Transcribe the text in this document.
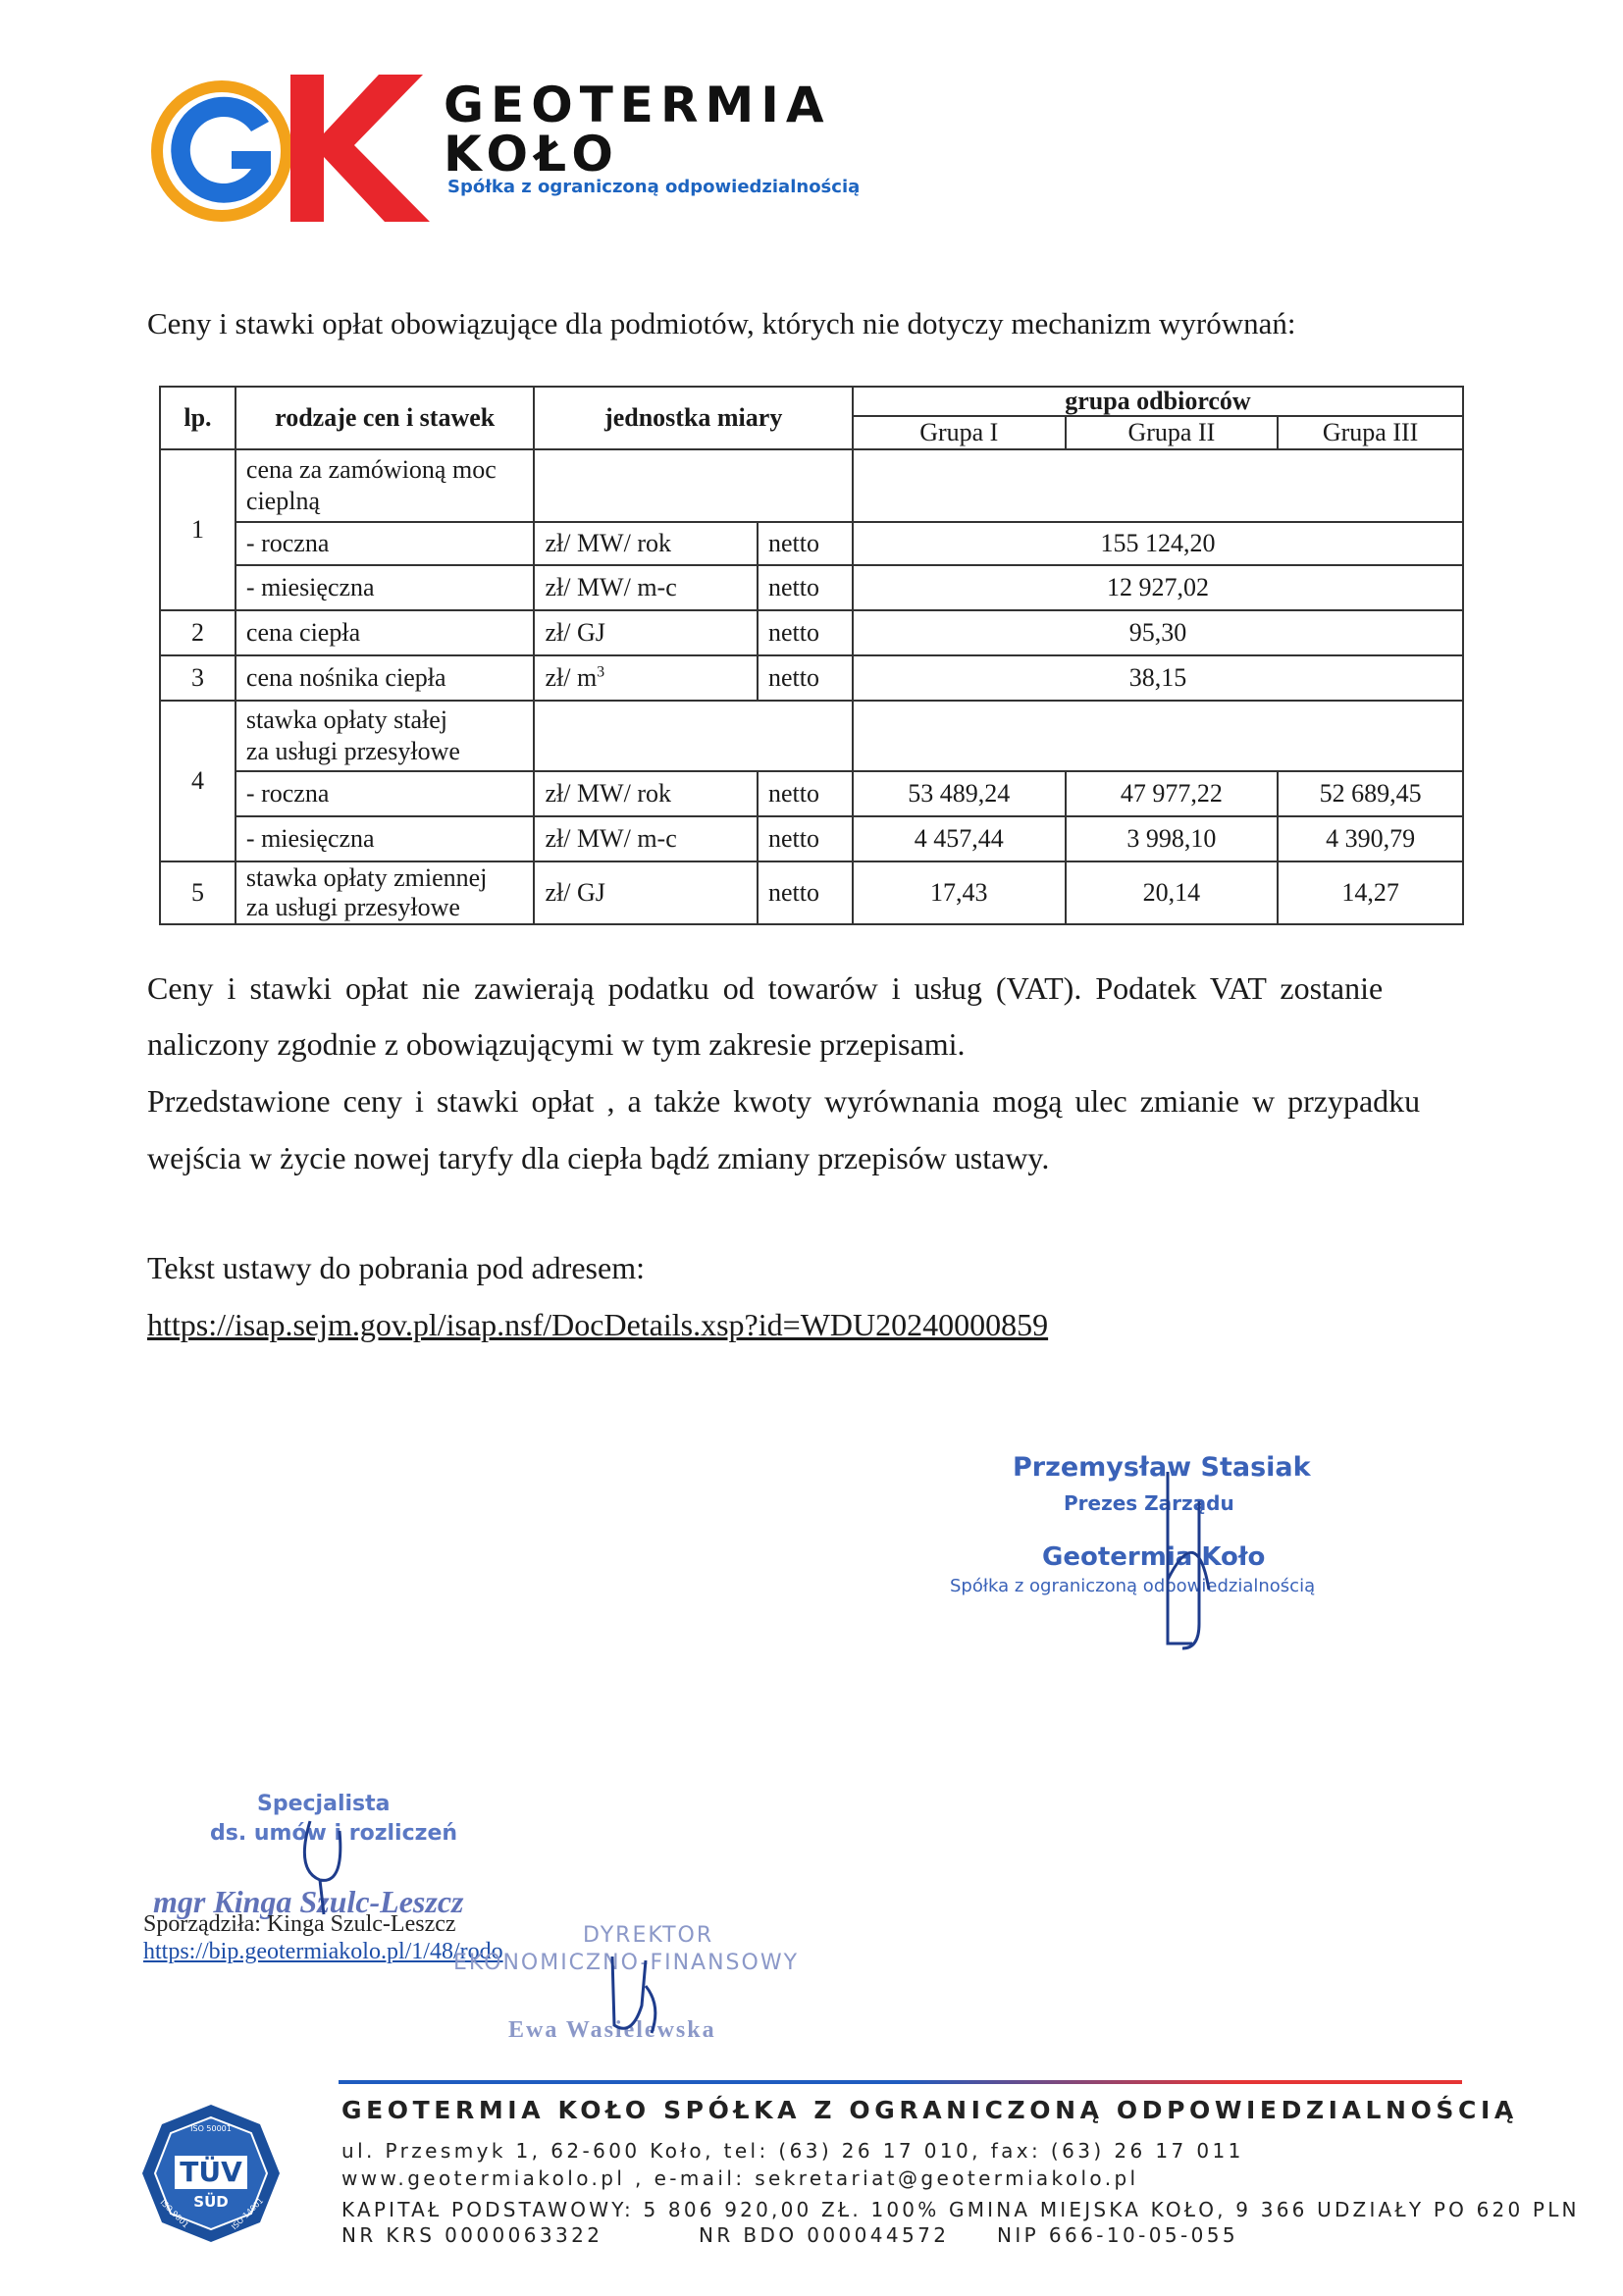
GEOTERMIA
KOŁO
Spółka z ograniczoną odpowiedzialnością
Ceny i stawki opłat obowiązujące dla podmiotów, których nie dotyczy mechanizm wyrównań:
lp.	rodzaje cen i stawek	jednostka miary		grupa odbiorców		
				Grupa I	Grupa II	Grupa III
1	cena za zamówioną moc cieplną					
	- roczna	zł/ MW/ rok	netto	155 124,20		
	- miesięczna	zł/ MW/ m-c	netto	12 927,02		
2	cena ciepła	zł/ GJ	netto	95,30		
3	cena nośnika ciepła	zł/ $m^3$	netto	38,15		
4	stawka opłaty stałej
za usługi przesyłowe					
	- roczna	zł/ MW/ rok	netto	53 489,24	47 977,22	52 689,45
	- miesięczna	zł/ MW/ m-c	netto	4 457,44	3 998,10	4 390,79
5	stawka opłaty zmiennej
za usługi przesyłowe	zł/ GJ	netto	17,43	20,14	14,27
Ceny i stawki opłat nie zawierają podatku od towarów i usług (VAT). Podatek VAT zostanie
naliczony zgodnie z obowiązującymi w tym zakresie przepisami.
Przedstawione ceny i stawki opłat , a także kwoty wyrównania mogą ulec zmianie w przypadku
wejścia w życie nowej taryfy dla ciepła bądź zmiany przepisów ustawy.
Tekst ustawy do pobrania pod adresem:
https://isap.sejm.gov.pl/isap.nsf/DocDetails.xsp?id=WDU20240000859
Przemysław Stasiak
Prezes Zarządu
Geotermia Koło
Spółka z ograniczoną odpowiedzialnością
Specjalista
ds. umów i rozliczeń
mgr Kinga Szulc-Leszcz
Sporządziła: Kinga Szulc-Leszcz
https://bip.geotermiakolo.pl/1/48/rodo
DYREKTOR
EKONOMICZNO-FINANSOWY
Ewa Wasielewska
TÜV
SÜD
ISO 50001
ISO 9001	ISO 14001
GEOTERMIA KOŁO SPÓŁKA Z OGRANICZONĄ ODPOWIEDZIALNOŚCIĄ
ul. Przesmyk 1, 62-600 Koło, tel: (63) 26 17 010, fax: (63) 26 17 011
www.geotermiakolo.pl , e-mail: sekretariat@geotermiakolo.pl
KAPITAŁ PODSTAWOWY: 5 806 920,00 ZŁ. 100% GMINA MIEJSKA KOŁO, 9 366 UDZIAŁY PO 620 PLN
NR KRS 0000063322	NR BDO 000044572 NIP 666-10-05-055
